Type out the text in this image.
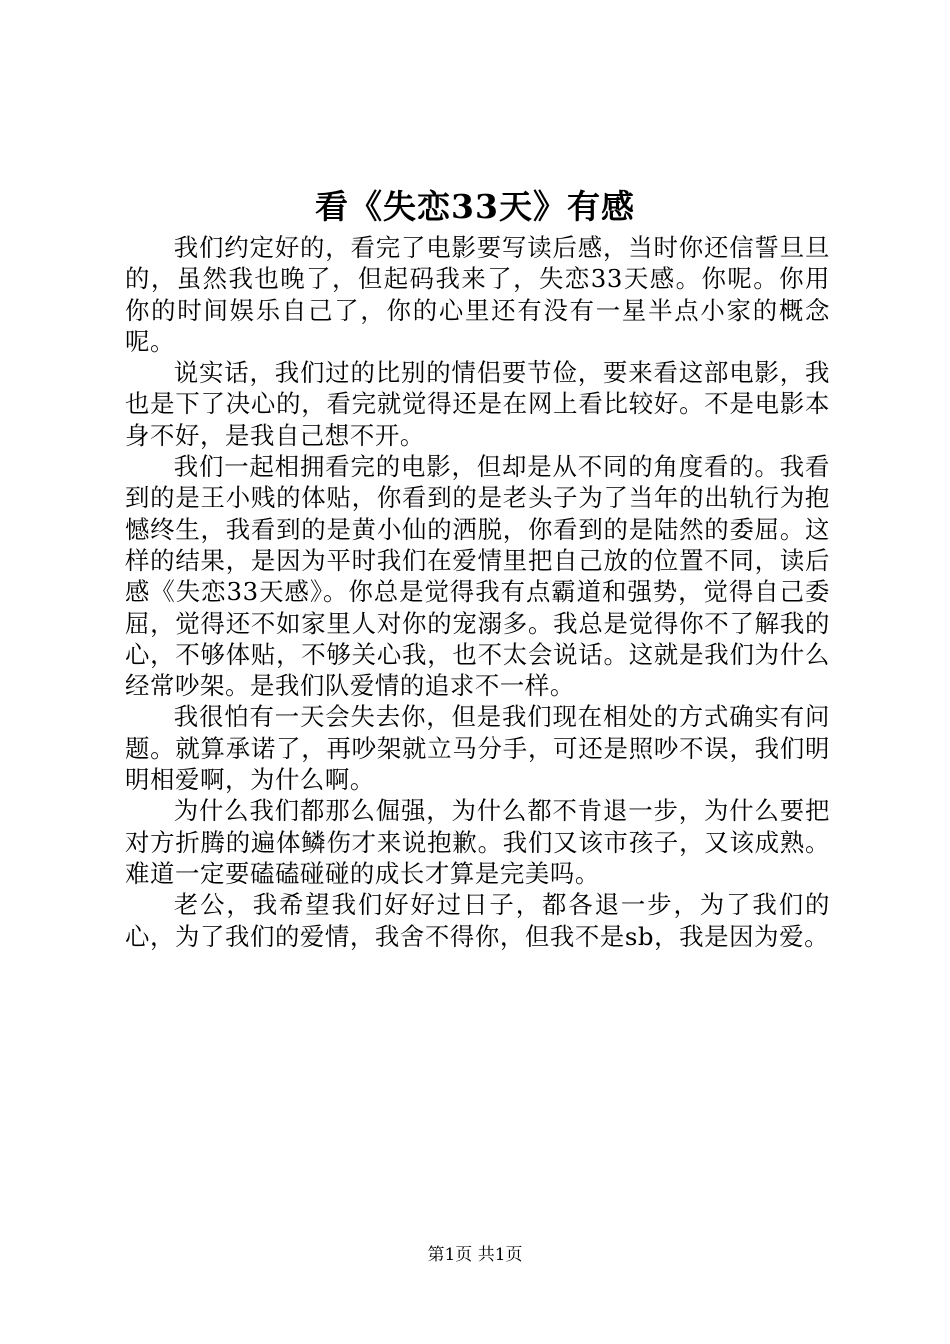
看《失恋33天》有感

我们约定好的，看完了电影要写读后感，当时你还信誓旦旦的，虽然我也晚了，但起码我来了，失恋33天感。你呢。你用你的时间娱乐自己了，你的心里还有没有一星半点小家的概念呢。

说实话，我们过的比别的情侣要节俭，要来看这部电影，我也是下了决心的，看完就觉得还是在网上看比较好。不是电影本身不好，是我自己想不开。

我们一起相拥看完的电影，但却是从不同的角度看的。我看到的是王小贱的体贴，你看到的是老头子为了当年的出轨行为抱憾终生，我看到的是黄小仙的洒脱，你看到的是陆然的委屈。这样的结果，是因为平时我们在爱情里把自己放的位置不同，读后感《失恋33天感》。你总是觉得我有点霸道和强势，觉得自己委屈，觉得还不如家里人对你的宠溺多。我总是觉得你不了解我的心，不够体贴，不够关心我，也不太会说话。这就是我们为什么经常吵架。是我们队爱情的追求不一样。

我很怕有一天会失去你，但是我们现在相处的方式确实有问题。就算承诺了，再吵架就立马分手，可还是照吵不误，我们明明相爱啊，为什么啊。

为什么我们都那么倔强，为什么都不肯退一步，为什么要把对方折腾的遍体鳞伤才来说抱歉。我们又该市孩子，又该成熟。难道一定要磕磕碰碰的成长才算是完美吗。

老公，我希望我们好好过日子，都各退一步，为了我们的心，为了我们的爱情，我舍不得你，但我不是sb，我是因为爱。

第1页 共1页
